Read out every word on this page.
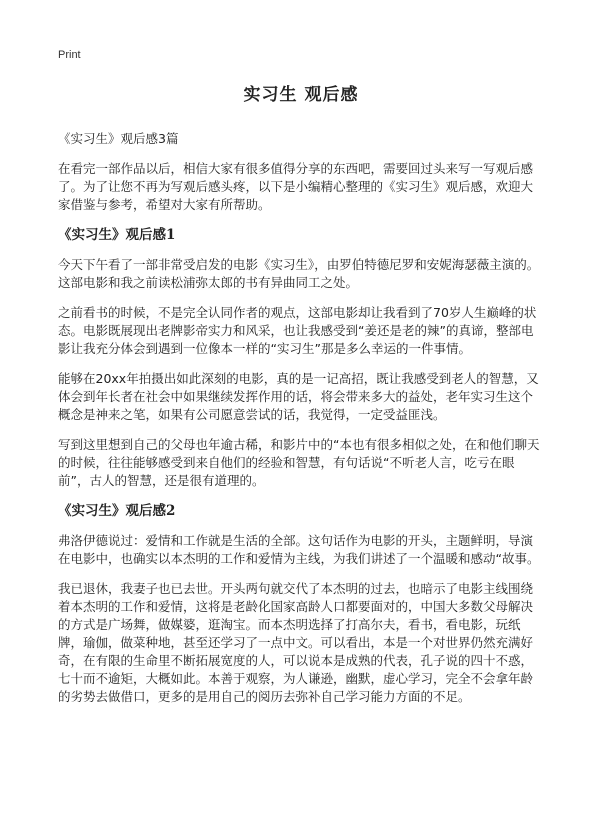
Print
实习生 观后感
《实习生》观后感3篇

在看完一部作品以后，相信大家有很多值得分享的东西吧，需要回过头来写一写观后感了。为了让您不再为写观后感头疼，以下是小编精心整理的《实习生》观后感，欢迎大家借鉴与参考，希望对大家有所帮助。

《实习生》观后感1

今天下午看了一部非常受启发的电影《实习生》，由罗伯特德尼罗和安妮海瑟薇主演的。这部电影和我之前读松浦弥太郎的书有异曲同工之处。

之前看书的时候，不是完全认同作者的观点，这部电影却让我看到了70岁人生巅峰的状态。电影既展现出老牌影帝实力和风采，也让我感受到“姜还是老的辣”的真谛，整部电影让我充分体会到遇到一位像本一样的“实习生”那是多么幸运的一件事情。

能够在20xx年拍摄出如此深刻的电影，真的是一记高招，既让我感受到老人的智慧，又体会到年长者在社会中如果继续发挥作用的话，将会带来多大的益处，老年实习生这个概念是神来之笔，如果有公司愿意尝试的话，我觉得，一定受益匪浅。

写到这里想到自己的父母也年逾古稀，和影片中的“本也有很多相似之处，在和他们聊天的时候，往往能够感受到来自他们的经验和智慧，有句话说“不听老人言，吃亏在眼前”，古人的智慧，还是很有道理的。

《实习生》观后感2

弗洛伊德说过：爱情和工作就是生活的全部。这句话作为电影的开头，主题鲜明，导演在电影中，也确实以本杰明的工作和爱情为主线，为我们讲述了一个温暖和感动“故事。

我已退休，我妻子也已去世。开头两句就交代了本杰明的过去，也暗示了电影主线围绕着本杰明的工作和爱情，这将是老龄化国家高龄人口都要面对的，中国大多数父母解决的方式是广场舞，做媒婆，逛淘宝。而本杰明选择了打高尔夫，看书，看电影，玩纸牌，瑜伽，做菜种地，甚至还学习了一点中文。可以看出，本是一个对世界仍然充满好奇，在有限的生命里不断拓展宽度的人，可以说本是成熟的代表，孔子说的四十不惑，七十而不逾矩，大概如此。本善于观察，为人谦逊，幽默，虚心学习，完全不会拿年龄的劣势去做借口，更多的是用自己的阅历去弥补自己学习能力方面的不足。
